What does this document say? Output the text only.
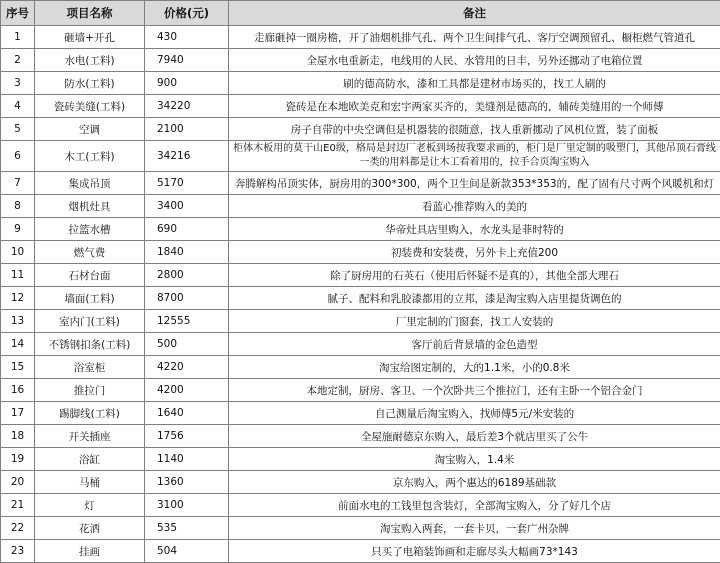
序号	项目名称	价格(元)	备注
1	砸墙+开孔	430	走廊砸掉一圈房檐，开了油烟机排气孔、两个卫生间排气孔、客厅空调预留孔、橱柜燃气管道孔
2	水电(工料)	7940	全屋水电重新走，电线用的人民、水管用的日丰，另外还挪动了电箱位置
3	防水(工料)	900	刷的德高防水，漆和工具都是建材市场买的，找工人刷的
4	瓷砖美缝(工料)	34220	瓷砖是在本地欧美克和宏宇两家买齐的，美缝剂是德高的，辅砖美缝用的一个师傅
5	空调	2100	房子自带的中央空调但是机器装的很随意，找人重新挪动了风机位置，装了面板
6	木工(工料)	34216	柜体木板用的莫干山E0级，格局是封边厂老板到场按我要求画的，柜门是厂里定制的吸塑门，其他吊顶石膏线一类的用料都是让木工看着用的，拉手合页淘宝购入
7	集成吊顶	5170	奔腾解构吊顶实体，厨房用的300*300，两个卫生间是新款353*353的，配了固有尺寸两个风暖机和灯
8	烟机灶具	3400	看蓝心推荐购入的美的
9	拉篮水槽	690	华帝灶具店里购入，水龙头是菲时特的
10	燃气费	1840	初装费和安装费，另外卡上充值200
11	石材台面	2800	除了厨房用的石英石（使用后怀疑不是真的），其他全部大理石
12	墙面(工料)	8700	腻子、配料和乳胶漆都用的立邦，漆是淘宝购入店里提货调色的
13	室内门(工料)	12555	厂里定制的门窗套，找工人安装的
14	不锈钢扣条(工料)	500	客厅前后背景墙的金色造型
15	浴室柜	4220	淘宝给图定制的，大的1.1米，小的0.8米
16	推拉门	4200	本地定制，厨房、客卫、一个次卧共三个推拉门，还有主卧一个铝合金门
17	踢脚线(工料)	1640	自己测量后淘宝购入，找师傅5元/米安装的
18	开关插座	1756	全屋施耐德京东购入，最后差3个就店里买了公牛
19	浴缸	1140	淘宝购入，1.4米
20	马桶	1360	京东购入，两个惠达的6189基础款
21	灯	3100	前面水电的工钱里包含装灯，全部淘宝购入，分了好几个店
22	花洒	535	淘宝购入两套，一套卡贝，一套广州杂牌
23	挂画	504	只买了电箱装饰画和走廊尽头大幅画73*143
